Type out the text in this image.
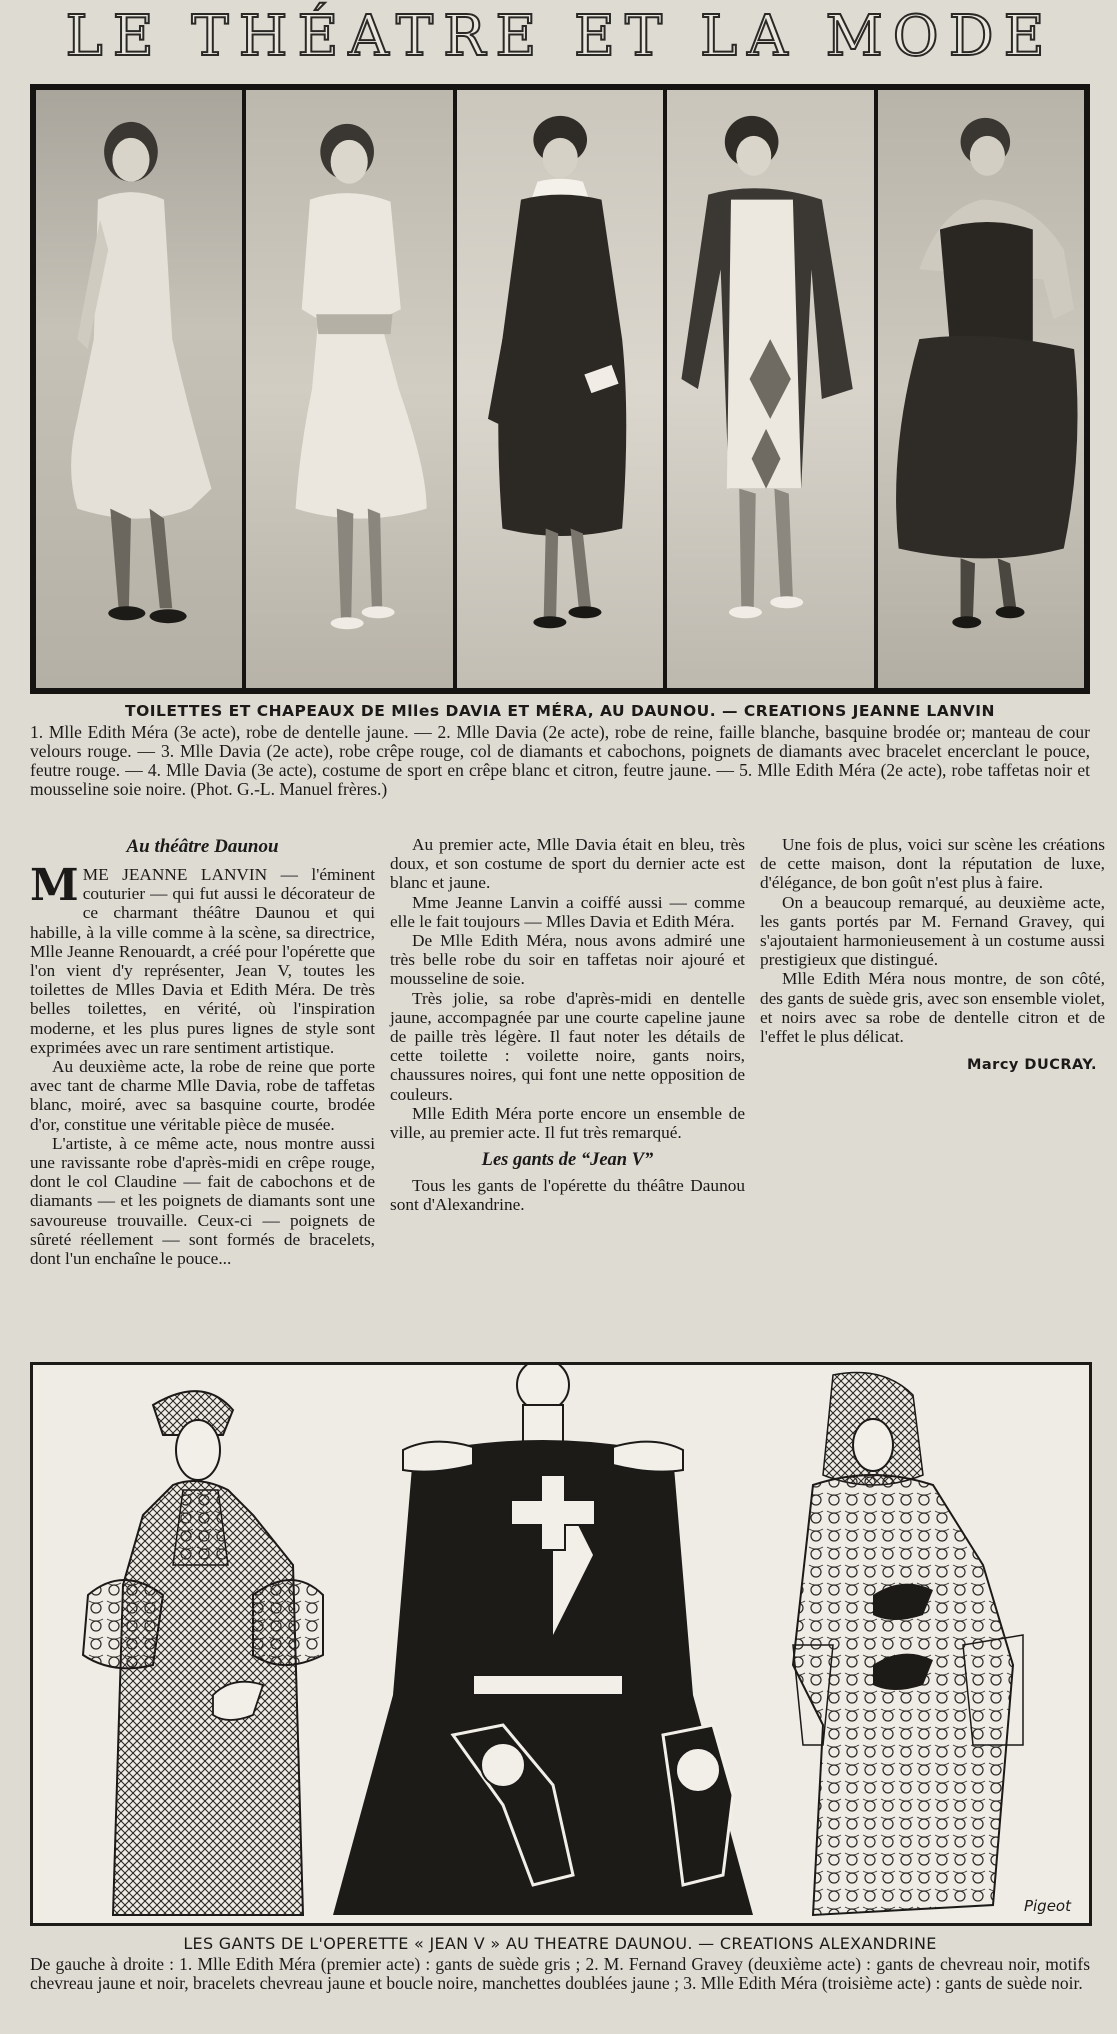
LE THÉATRE ET LA MODE
TOILETTES ET CHAPEAUX DE Mlles DAVIA ET MÉRA, AU DAUNOU. — CREATIONS JEANNE LANVIN
1. Mlle Edith Méra (3e acte), robe de dentelle jaune. — 2. Mlle Davia (2e acte), robe de reine, faille blanche, basquine brodée or; manteau de cour velours rouge. — 3. Mlle Davia (2e acte), robe crêpe rouge, col de diamants et cabochons, poignets de diamants avec bracelet encerclant le pouce, feutre rouge. — 4. Mlle Davia (3e acte), costume de sport en crêpe blanc et citron, feutre jaune. — 5. Mlle Edith Méra (2e acte), robe taffetas noir et mousseline soie noire. (Phot. G.-L. Manuel frères.)
Au théâtre Daunou

MME JEANNE LANVIN — l'éminent couturier — qui fut aussi le décorateur de ce charmant théâtre Daunou et qui habille, à la ville comme à la scène, sa directrice, Mlle Jeanne Renouardt, a créé pour l'opérette que l'on vient d'y représenter, Jean V, toutes les toilettes de Mlles Davia et Edith Méra. De très belles toilettes, en vérité, où l'inspiration moderne, et les plus pures lignes de style sont exprimées avec un rare sentiment artistique.

Au deuxième acte, la robe de reine que porte avec tant de charme Mlle Davia, robe de taffetas blanc, moiré, avec sa basquine courte, brodée d'or, constitue une véritable pièce de musée.

L'artiste, à ce même acte, nous montre aussi une ravissante robe d'après-midi en crêpe rouge, dont le col Claudine — fait de cabochons et de diamants — et les poignets de diamants sont une savoureuse trouvaille. Ceux-ci — poignets de sûreté réellement — sont formés de bracelets, dont l'un enchaîne le pouce...

Au premier acte, Mlle Davia était en bleu, très doux, et son costume de sport du dernier acte est blanc et jaune.

Mme Jeanne Lanvin a coiffé aussi — comme elle le fait toujours — Mlles Davia et Edith Méra.

De Mlle Edith Méra, nous avons admiré une très belle robe du soir en taffetas noir ajouré et mousseline de soie.

Très jolie, sa robe d'après-midi en dentelle jaune, accompagnée par une courte capeline jaune de paille très légère. Il faut noter les détails de cette toilette : voilette noire, gants noirs, chaussures noires, qui font une nette opposition de couleurs.

Mlle Edith Méra porte encore un ensemble de ville, au premier acte. Il fut très remarqué.

Les gants de “Jean V”

Tous les gants de l'opérette du théâtre Daunou sont d'Alexandrine.

Une fois de plus, voici sur scène les créations de cette maison, dont la réputation de luxe, d'élégance, de bon goût n'est plus à faire.

On a beaucoup remarqué, au deuxième acte, les gants portés par M. Fernand Gravey, qui s'ajoutaient harmonieusement à un costume aussi prestigieux que distingué.

Mlle Edith Méra nous montre, de son côté, des gants de suède gris, avec son ensemble violet, et noirs avec sa robe de dentelle citron et de l'effet le plus délicat.

Marcy DUCRAY.
Pigeot
LES GANTS DE L'OPERETTE « JEAN V » AU THEATRE DAUNOU. — CREATIONS ALEXANDRINE
De gauche à droite : 1. Mlle Edith Méra (premier acte) : gants de suède gris ; 2. M. Fernand Gravey (deuxième acte) : gants de chevreau noir, motifs chevreau jaune et noir, bracelets chevreau jaune et boucle noire, manchettes doublées jaune ; 3. Mlle Edith Méra (troisième acte) : gants de suède noir.
